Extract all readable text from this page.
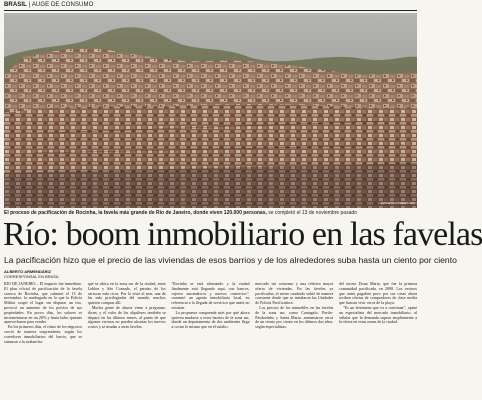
BRASIL | AUGE DE CONSUMO
ALBERTO ARMENDÁRIZ
El proceso de pacificación de Rocinha, la favela más grande de Río de Janeiro, donde viven 120.000 personas, se completó el 13 de noviembre pasado
Río: boom inmobiliario en las favelas
La pacificación hizo que el precio de las viviendas de esos barrios y de los alrededores suba hasta un ciento por ciento
ALBERTO ARMENDÁRIZ
CORRESPONSAL EN BRASIL

RIO DE JANEIRO.– El impacto fue inmediato. El plan oficial de pacificación de la favela carioca de Rocinha, que culminó el 13 de noviembre, la madrugada en la que la Policía Militar ocupó el lugar sin disparar un tiro, provocó un aumento de los precios de sus propiedades. En pocos días, los valores se incrementaron en un 20% y hasta hubo quienes aprovecharon para vender.

En los primeros días, el ritmo de los negocios creció de manera sorprendente, según los corredores inmobiliarios del barrio, que se sumaron a la avalancha.

que se ubica en la zona sur de la ciudad, entre Leblon y São Conrado, el paraíso de los cariocas más ricos. Por la vista al mar, una de las más privilegiadas del mundo, muchos quieren comprar allí.

Mucha gente de afuera viene a preguntar, dicen, y el valor de los alquileres también se disparó en los últimos meses, al punto de que algunos vecinos no pueden afrontar los nuevos costos y se mudan a otras favelas.

"Rocinha se está afirmando y la ciudad finalmente está llegando aquí, con bancos, cajeros automáticos y nuevos comercios", comentó un agente inmobiliario local, en referencia a la llegada de servicios que antes no existían.

La propuesta comprende más por qué ahora quieren mudarse a estos barrios de la zona sur, donde un departamento de dos ambientes llega a costar lo mismo que en el asfalto.

mercado sin consenso y una relativa mayor oferta de viviendas. En las favelas ya pacificadas, el metro cuadrado subió de manera constante desde que se instalaron las Unidades de Policía Pacificadora.

Los precios de los inmuebles en las favelas de la zona sur, como Cantagalo, Pavão-Pavãozinho y Santa Marta, aumentaron cerca de un ciento por ciento en los últimos dos años, según especialistas.

del morro Dona Marta, que fue la primera comunidad pacificada, en 2008. Los vecinos que antes pagaban poco por sus casas ahora reciben ofertas de compradores de clase media que buscan vivir cerca de la playa.

"Es un fenómeno que va a continuar", opinó un especialista del mercado inmobiliario, al señalar que la demanda supera ampliamente a la oferta en estas zonas de la ciudad.
